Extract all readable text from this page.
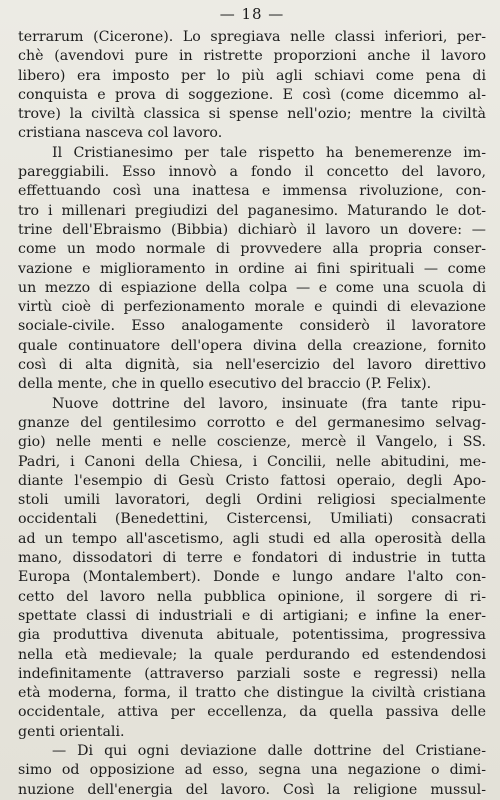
— 18 —
terrarum (Cicerone). Lo spregiava nelle classi inferiori, per-
chè (avendovi pure in ristrette proporzioni anche il lavoro
libero) era imposto per lo più agli schiavi come pena di
conquista e prova di soggezione. E così (come dicemmo al-
trove) la civiltà classica si spense nell'ozio; mentre la civiltà
cristiana nasceva col lavoro.
Il Cristianesimo per tale rispetto ha benemerenze im-
pareggiabili. Esso innovò a fondo il concetto del lavoro,
effettuando così una inattesa e immensa rivoluzione, con-
tro i millenari pregiudizi del paganesimo. Maturando le dot-
trine dell'Ebraismo (Bibbia) dichiarò il lavoro un dovere: —
come un modo normale di provvedere alla propria conser-
vazione e miglioramento in ordine ai fini spirituali — come
un mezzo di espiazione della colpa — e come una scuola di
virtù cioè di perfezionamento morale e quindi di elevazione
sociale-civile. Esso analogamente considerò il lavoratore
quale continuatore dell'opera divina della creazione, fornito
così di alta dignità, sia nell'esercizio del lavoro direttivo
della mente, che in quello esecutivo del braccio (P. Felix).
Nuove dottrine del lavoro, insinuate (fra tante ripu-
gnanze del gentilesimo corrotto e del germanesimo selvag-
gio) nelle menti e nelle coscienze, mercè il Vangelo, i SS.
Padri, i Canoni della Chiesa, i Concilii, nelle abitudini, me-
diante l'esempio di Gesù Cristo fattosi operaio, degli Apo-
stoli umili lavoratori, degli Ordini religiosi specialmente
occidentali (Benedettini, Cistercensi, Umiliati) consacrati
ad un tempo all'ascetismo, agli studi ed alla operosità della
mano, dissodatori di terre e fondatori di industrie in tutta
Europa (Montalembert). Donde e lungo andare l'alto con-
cetto del lavoro nella pubblica opinione, il sorgere di ri-
spettate classi di industriali e di artigiani; e infine la ener-
gia produttiva divenuta abituale, potentissima, progressiva
nella età medievale; la quale perdurando ed estendendosi
indefinitamente (attraverso parziali soste e regressi) nella
età moderna, forma, il tratto che distingue la civiltà cristiana
occidentale, attiva per eccellenza, da quella passiva delle
genti orientali.
— Di qui ogni deviazione dalle dottrine del Cristiane-
simo od opposizione ad esso, segna una negazione o dimi-
nuzione dell'energia del lavoro. Così la religione mussul-
